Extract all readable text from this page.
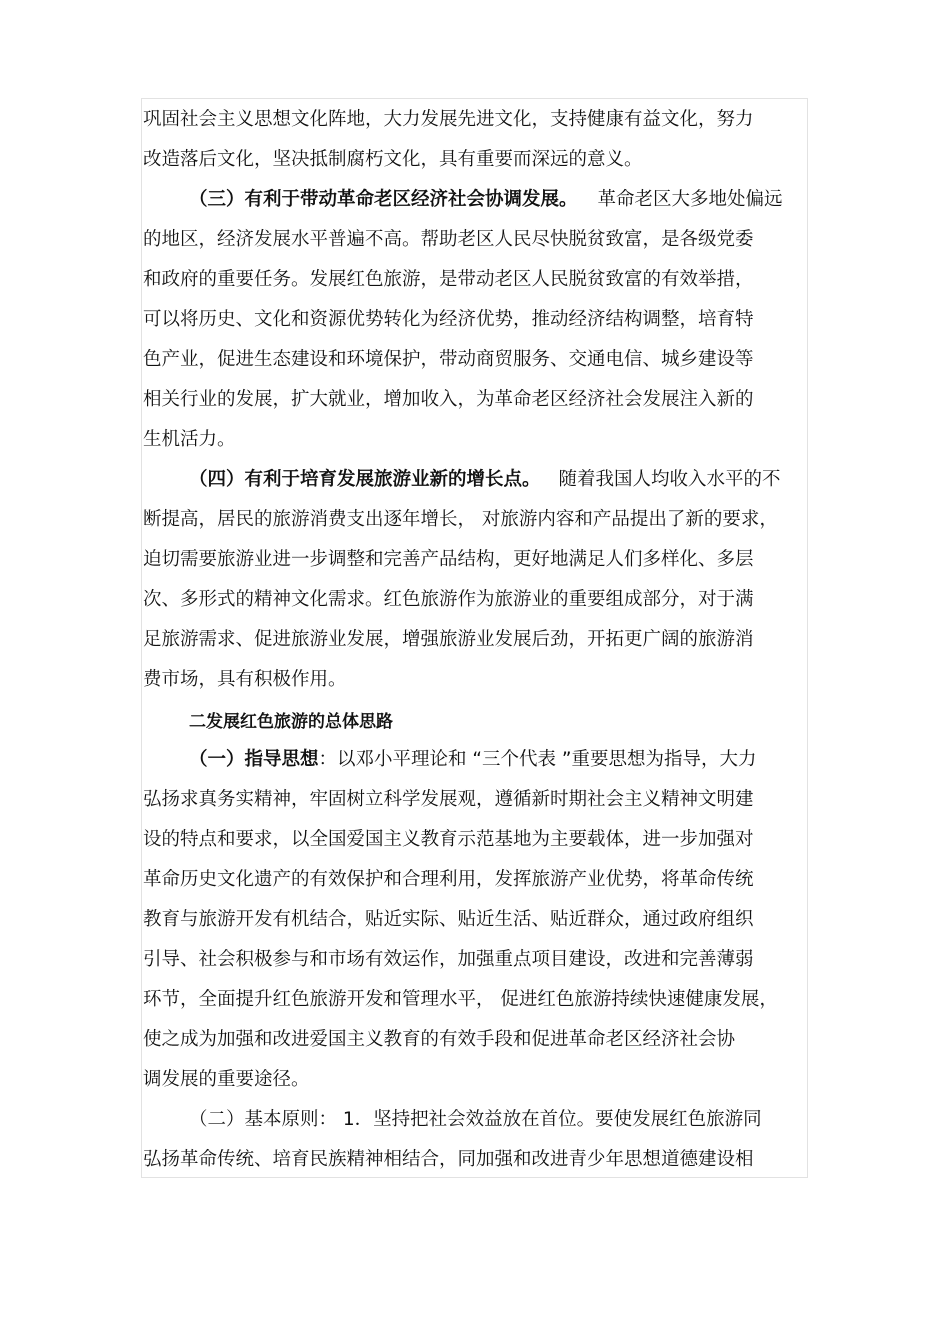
巩固社会主义思想文化阵地，大力发展先进文化，支持健康有益文化，努力
改造落后文化，坚决抵制腐朽文化，具有重要而深远的意义。
（三）有利于带动革命老区经济社会协调发展。 革命老区大多地处偏远
的地区，经济发展水平普遍不高。帮助老区人民尽快脱贫致富，是各级党委
和政府的重要任务。发展红色旅游，是带动老区人民脱贫致富的有效举措，
可以将历史、文化和资源优势转化为经济优势，推动经济结构调整，培育特
色产业，促进生态建设和环境保护，带动商贸服务、交通电信、城乡建设等
相关行业的发展，扩大就业，增加收入，为革命老区经济社会发展注入新的
生机活力。
（四）有利于培育发展旅游业新的增长点。 随着我国人均收入水平的不
断提高，居民的旅游消费支出逐年增长， 对旅游内容和产品提出了新的要求，
迫切需要旅游业进一步调整和完善产品结构，更好地满足人们多样化、多层
次、多形式的精神文化需求。红色旅游作为旅游业的重要组成部分，对于满
足旅游需求、促进旅游业发展，增强旅游业发展后劲，开拓更广阔的旅游消
费市场，具有积极作用。
二发展红色旅游的总体思路
（一）指导思想：以邓小平理论和 “三个代表 ”重要思想为指导，大力
弘扬求真务实精神，牢固树立科学发展观，遵循新时期社会主义精神文明建
设的特点和要求，以全国爱国主义教育示范基地为主要载体，进一步加强对
革命历史文化遗产的有效保护和合理利用，发挥旅游产业优势，将革命传统
教育与旅游开发有机结合，贴近实际、贴近生活、贴近群众，通过政府组织
引导、社会积极参与和市场有效运作，加强重点项目建设，改进和完善薄弱
环节，全面提升红色旅游开发和管理水平， 促进红色旅游持续快速健康发展，
使之成为加强和改进爱国主义教育的有效手段和促进革命老区经济社会协
调发展的重要途径。
（二）基本原则： 1．坚持把社会效益放在首位。要使发展红色旅游同
弘扬革命传统、培育民族精神相结合，同加强和改进青少年思想道德建设相
